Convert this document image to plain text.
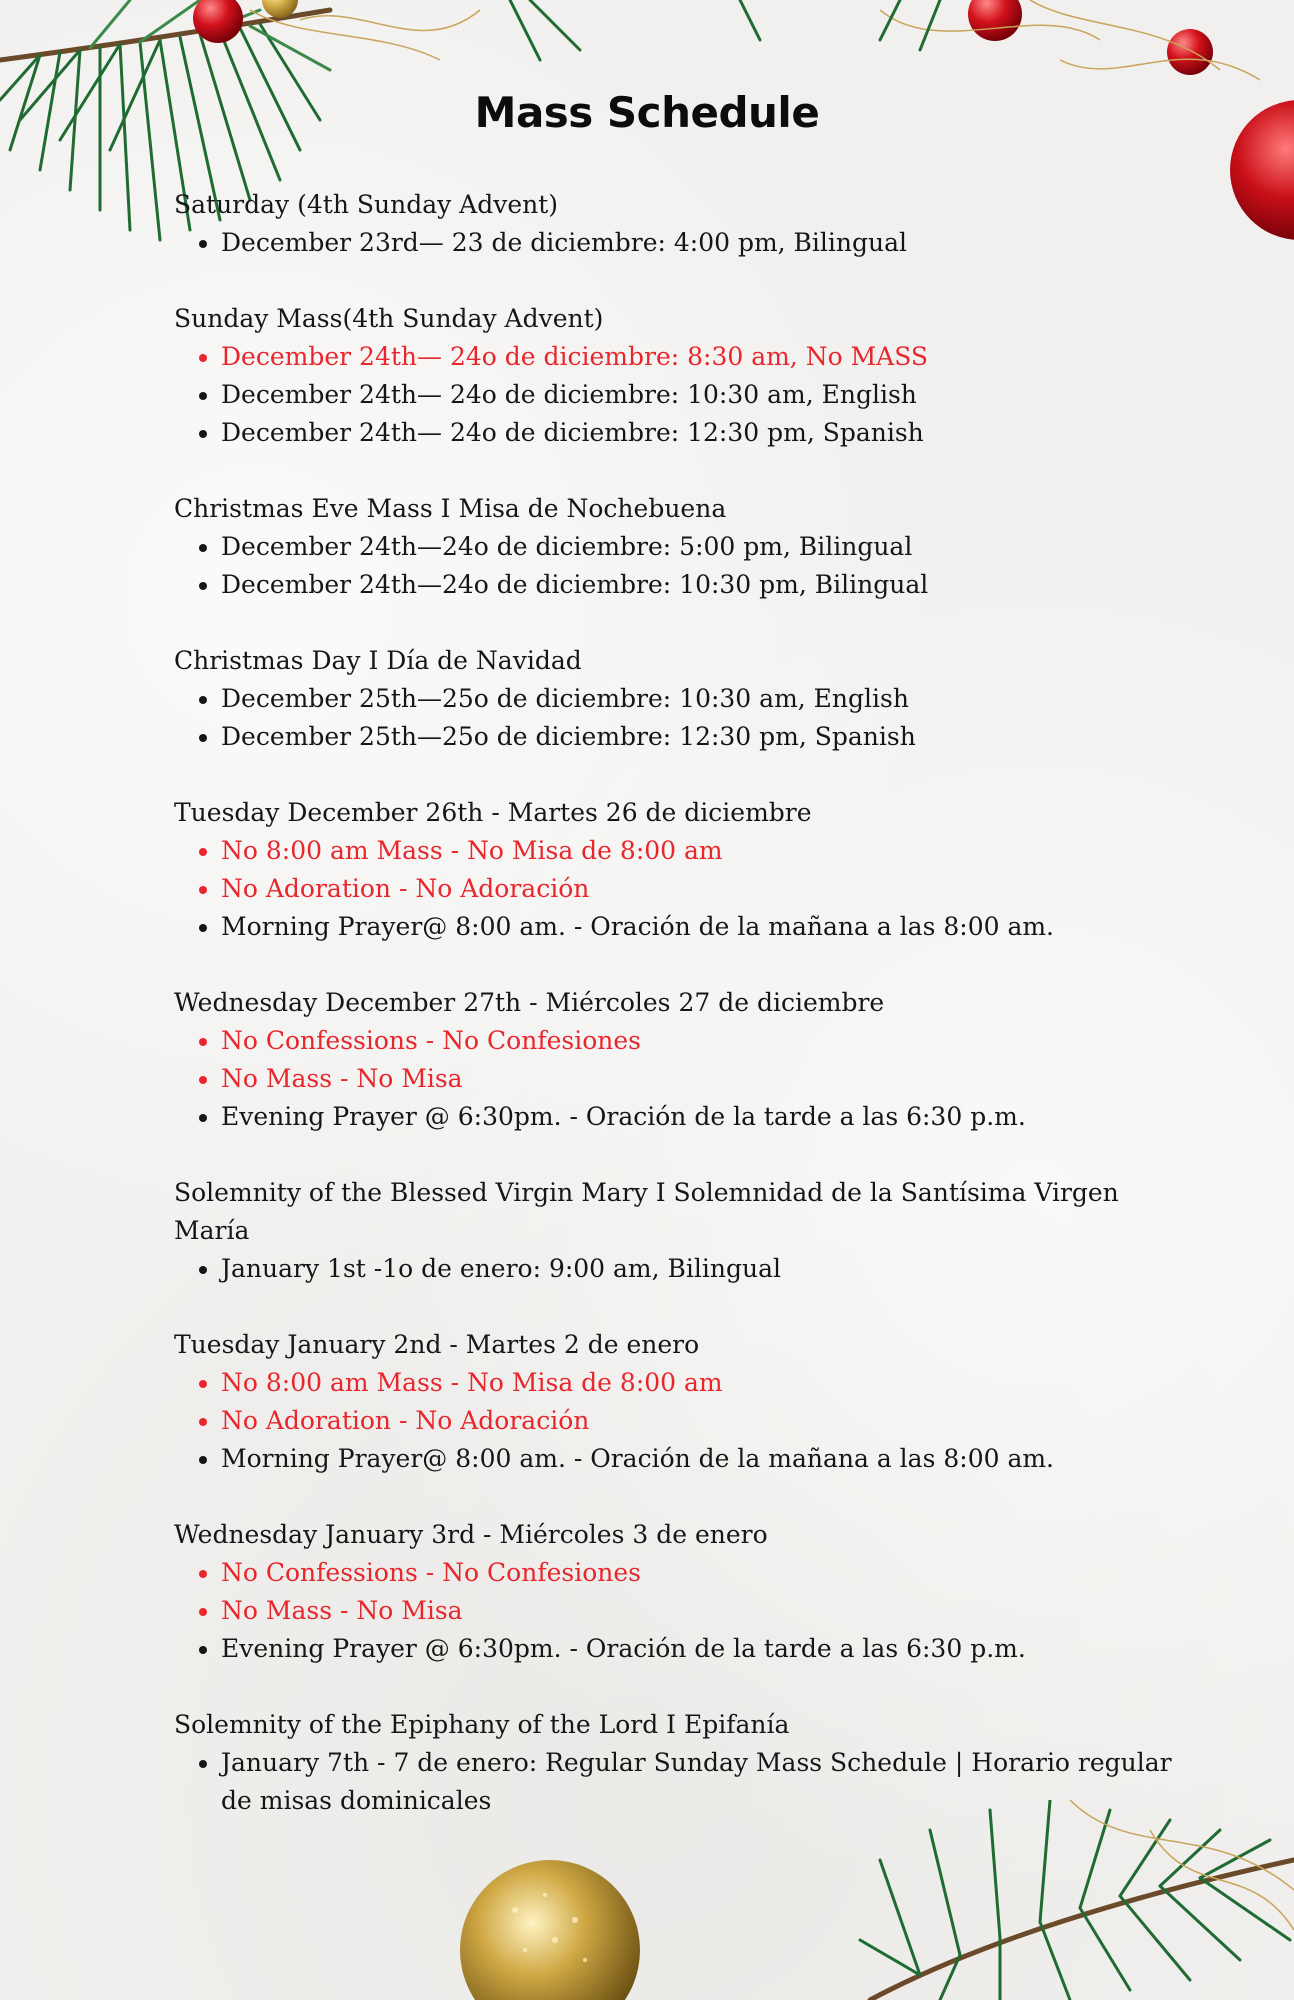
Mass Schedule

Saturday (4th Sunday Advent)

• December 23rd— 23 de diciembre: 4:00 pm, Bilingual

Sunday Mass(4th Sunday Advent)

• December 24th— 24o de diciembre: 8:30 am, No MASS
• December 24th— 24o de diciembre: 10:30 am, English
• December 24th— 24o de diciembre: 12:30 pm, Spanish

Christmas Eve Mass I Misa de Nochebuena

• December 24th—24o de diciembre: 5:00 pm, Bilingual
• December 24th—24o de diciembre: 10:30 pm, Bilingual

Christmas Day I Día de Navidad

• December 25th—25o de diciembre: 10:30 am, English
• December 25th—25o de diciembre: 12:30 pm, Spanish

Tuesday December 26th - Martes 26 de diciembre

• No 8:00 am Mass - No Misa de 8:00 am
• No Adoration - No Adoración
• Morning Prayer@ 8:00 am. - Oración de la mañana a las 8:00 am.

Wednesday December 27th - Miércoles 27 de diciembre

• No Confessions - No Confesiones
• No Mass - No Misa
• Evening Prayer @ 6:30pm. - Oración de la tarde a las 6:30 p.m.

Solemnity of the Blessed Virgin Mary I Solemnidad de la Santísima Virgen María

• January 1st -1o de enero: 9:00 am, Bilingual

Tuesday January 2nd - Martes 2 de enero

• No 8:00 am Mass - No Misa de 8:00 am
• No Adoration - No Adoración
• Morning Prayer@ 8:00 am. - Oración de la mañana a las 8:00 am.

Wednesday January 3rd - Miércoles 3 de enero

• No Confessions - No Confesiones
• No Mass - No Misa
• Evening Prayer @ 6:30pm. - Oración de la tarde a las 6:30 p.m.

Solemnity of the Epiphany of the Lord I Epifanía

• January 7th - 7 de enero: Regular Sunday Mass Schedule | Horario regular de misas dominicales
